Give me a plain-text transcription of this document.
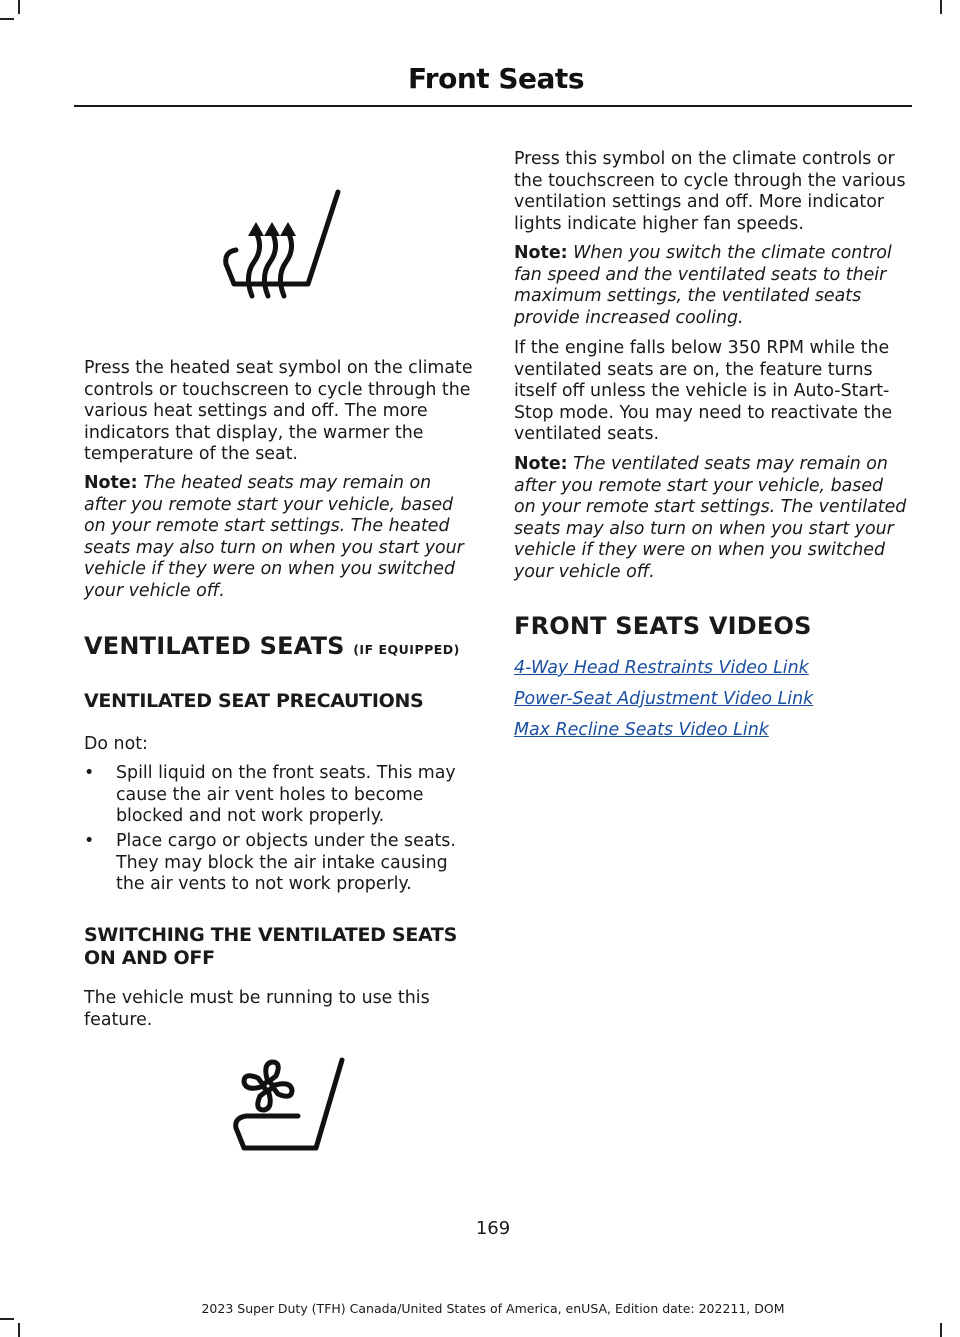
Front Seats

Press the heated seat symbol on the climate controls or touchscreen to cycle through the various heat settings and off. The more indicators that display, the warmer the temperature of the seat.

Note: The heated seats may remain on after you remote start your vehicle, based on your remote start settings. The heated seats may also turn on when you start your vehicle if they were on when you switched your vehicle off.

VENTILATED SEATS (IF EQUIPPED)
VENTILATED SEAT PRECAUTIONS

Do not:

•	Spill liquid on the front seats. This may cause the air vent holes to become blocked and not work properly.
•	Place cargo or objects under the seats. They may block the air intake causing the air vents to not work properly.
SWITCHING THE VENTILATED SEATS ON AND OFF

The vehicle must be running to use this feature.

Press this symbol on the climate controls or the touchscreen to cycle through the various ventilation settings and off. More indicator lights indicate higher fan speeds.

Note: When you switch the climate control fan speed and the ventilated seats to their maximum settings, the ventilated seats provide increased cooling.

If the engine falls below 350 RPM while the ventilated seats are on, the feature turns itself off unless the vehicle is in Auto-Start-Stop mode. You may need to reactivate the ventilated seats.

Note: The ventilated seats may remain on after you remote start your vehicle, based on your remote start settings. The ventilated seats may also turn on when you start your vehicle if they were on when you switched your vehicle off.

FRONT SEATS VIDEOS
4-Way Head Restraints Video Link
Power-Seat Adjustment Video Link
Max Recline Seats Video Link
169
2023 Super Duty (TFH) Canada/United States of America, enUSA, Edition date: 202211, DOM
